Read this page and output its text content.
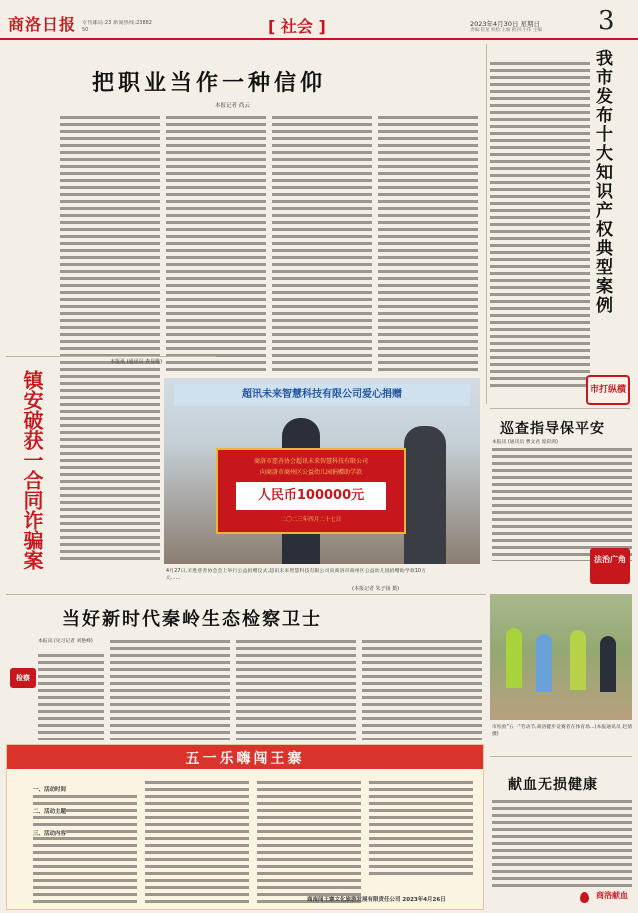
商洛日报 专刊邮局:23 新闻热线:2388250	[ 社会 ]	2023年4月30日 星期日
责编:崔星 校检:王丽 批刊:小伟 主编	3
把职业当作一种信仰
本报记者 尚云
我市发布十大知识产权典型案例
市打纵横
本报讯 (通讯员 查显维)
镇安破获一合同诈骗案	超讯未来智慧科技有限公司爱心捐赠
商洛市慈善协会超讯未来智慧科技有限公司
向商洛市商州区公益幼儿园捐赠助学款
人民币100000元
二〇二三年四月二十七日
4月27日,羊胜慈善协会会上举行公益捐赠仪式,超讯未来智慧科技有限公司向商洛市商州区公益幼儿园捐赠助学款10万元……
(本报记者 朱子扬 摄)
巡查指导保平安
本报讯 (通讯员 曹文君 庞彩鸿)
法治广角
当好新时代秦岭生态检察卫士
检察
本报讯 (见习记者 刘艳峰)
市检验"五一"劳动节,商洛健步竞赛者在体育场…(本报通讯员 赵倩 摄)
献血无损健康
五一乐嗨闯王寨
一、活动时间
二、活动主题
三、活动内容
商南闯王寨文化旅游发展有限责任公司 2023年4月26日	商洛献血
